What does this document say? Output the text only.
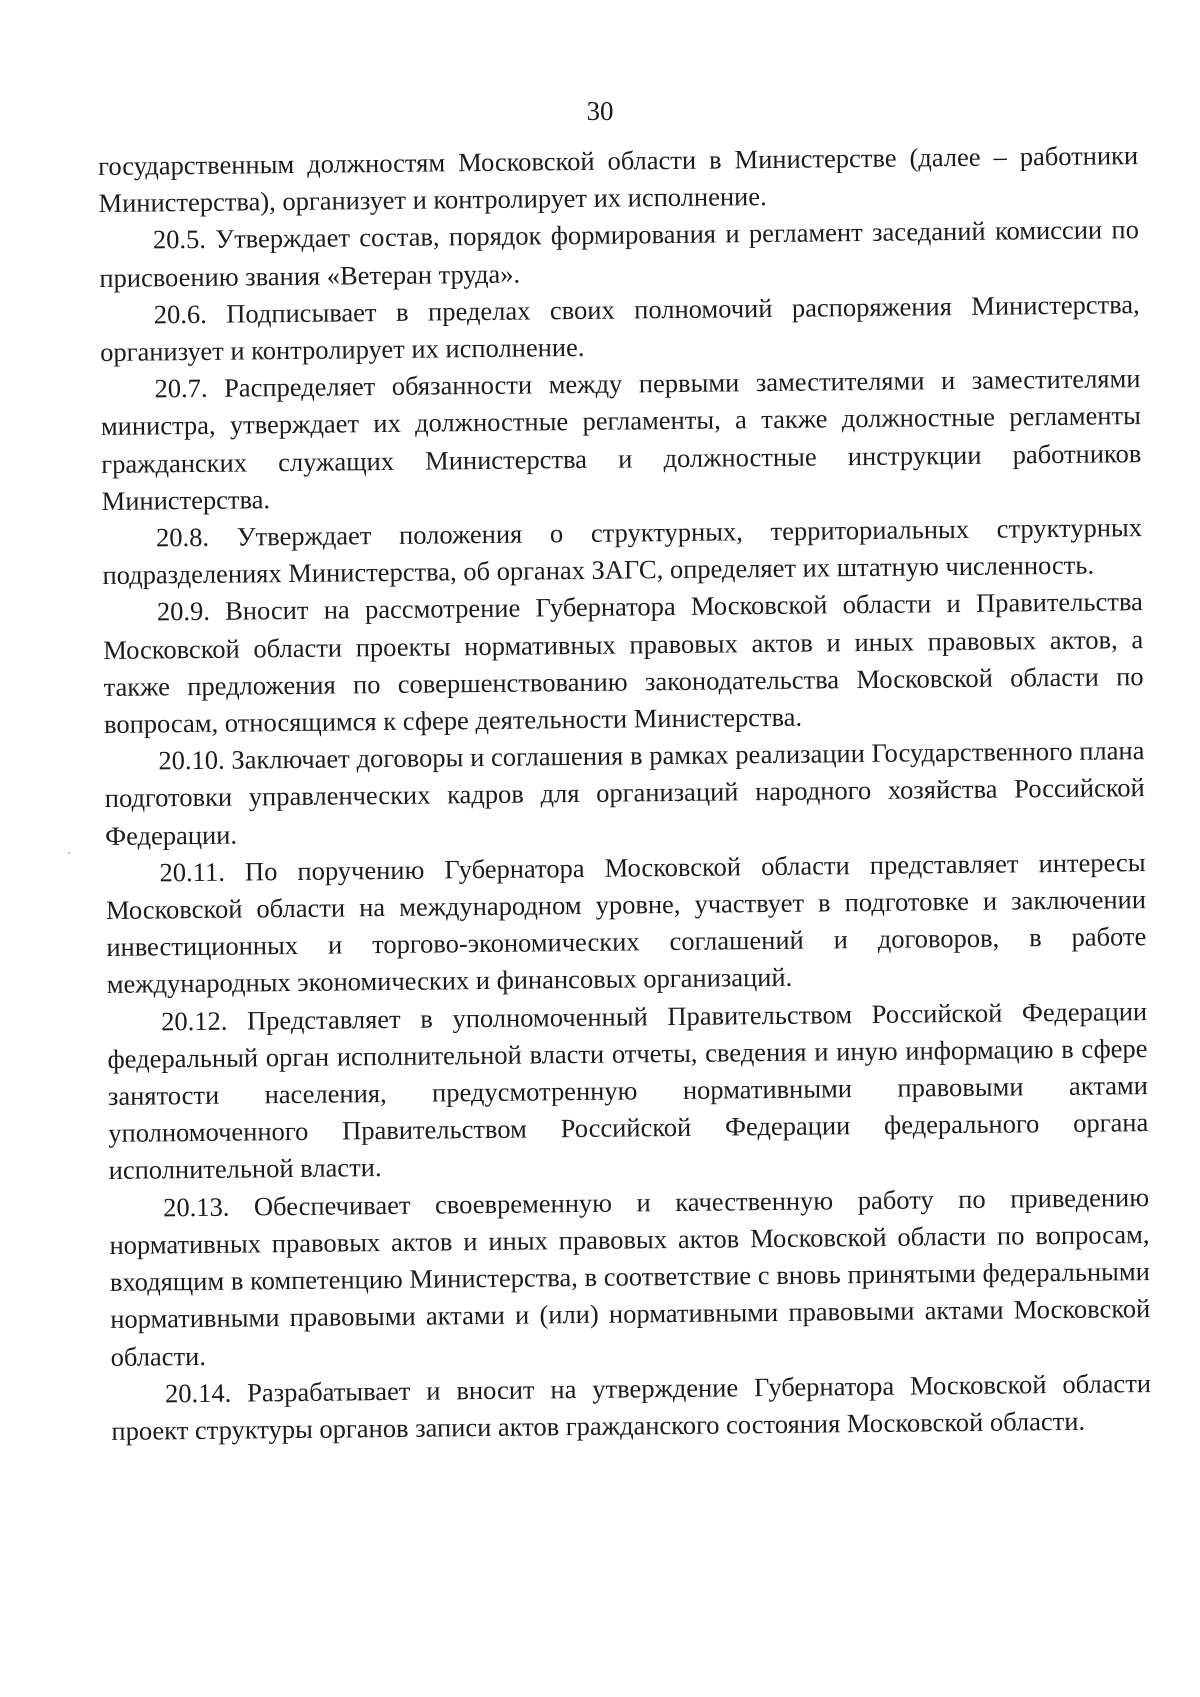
30

государственным должностям Московской области в Министерстве (далее – работники Министерства), организует и контролирует их исполнение.

20.5. Утверждает состав, порядок формирования и регламент заседаний комиссии по присвоению звания «Ветеран труда».

20.6. Подписывает в пределах своих полномочий распоряжения Министерства, организует и контролирует их исполнение.

20.7. Распределяет обязанности между первыми заместителями и заместителями министра, утверждает их должностные регламенты, а также должностные регламенты гражданских служащих Министерства и должностные инструкции работников Министерства.

20.8. Утверждает положения о структурных, территориальных структурных подразделениях Министерства, об органах ЗАГС, определяет их штатную численность.

20.9. Вносит на рассмотрение Губернатора Московской области и Правительства Московской области проекты нормативных правовых актов и иных правовых актов, а также предложения по совершенствованию законодательства Московской области по вопросам, относящимся к сфере деятельности Министерства.

20.10. Заключает договоры и соглашения в рамках реализации Государственного плана подготовки управленческих кадров для организаций народного хозяйства Российской Федерации.

20.11. По поручению Губернатора Московской области представляет интересы Московской области на международном уровне, участвует в подготовке и заключении инвестиционных и торгово-экономических соглашений и договоров, в работе международных экономических и финансовых организаций.

20.12. Представляет в уполномоченный Правительством Российской Федерации федеральный орган исполнительной власти отчеты, сведения и иную информацию в сфере занятости населения, предусмотренную нормативными правовыми актами уполномоченного Правительством Российской Федерации федерального органа исполнительной власти.

20.13. Обеспечивает своевременную и качественную работу по приведению нормативных правовых актов и иных правовых актов Московской области по вопросам, входящим в компетенцию Министерства, в соответствие с вновь принятыми федеральными нормативными правовыми актами и (или) нормативными правовыми актами Московской области.

20.14. Разрабатывает и вносит на утверждение Губернатора Московской области проект структуры органов записи актов гражданского состояния Московской области.
